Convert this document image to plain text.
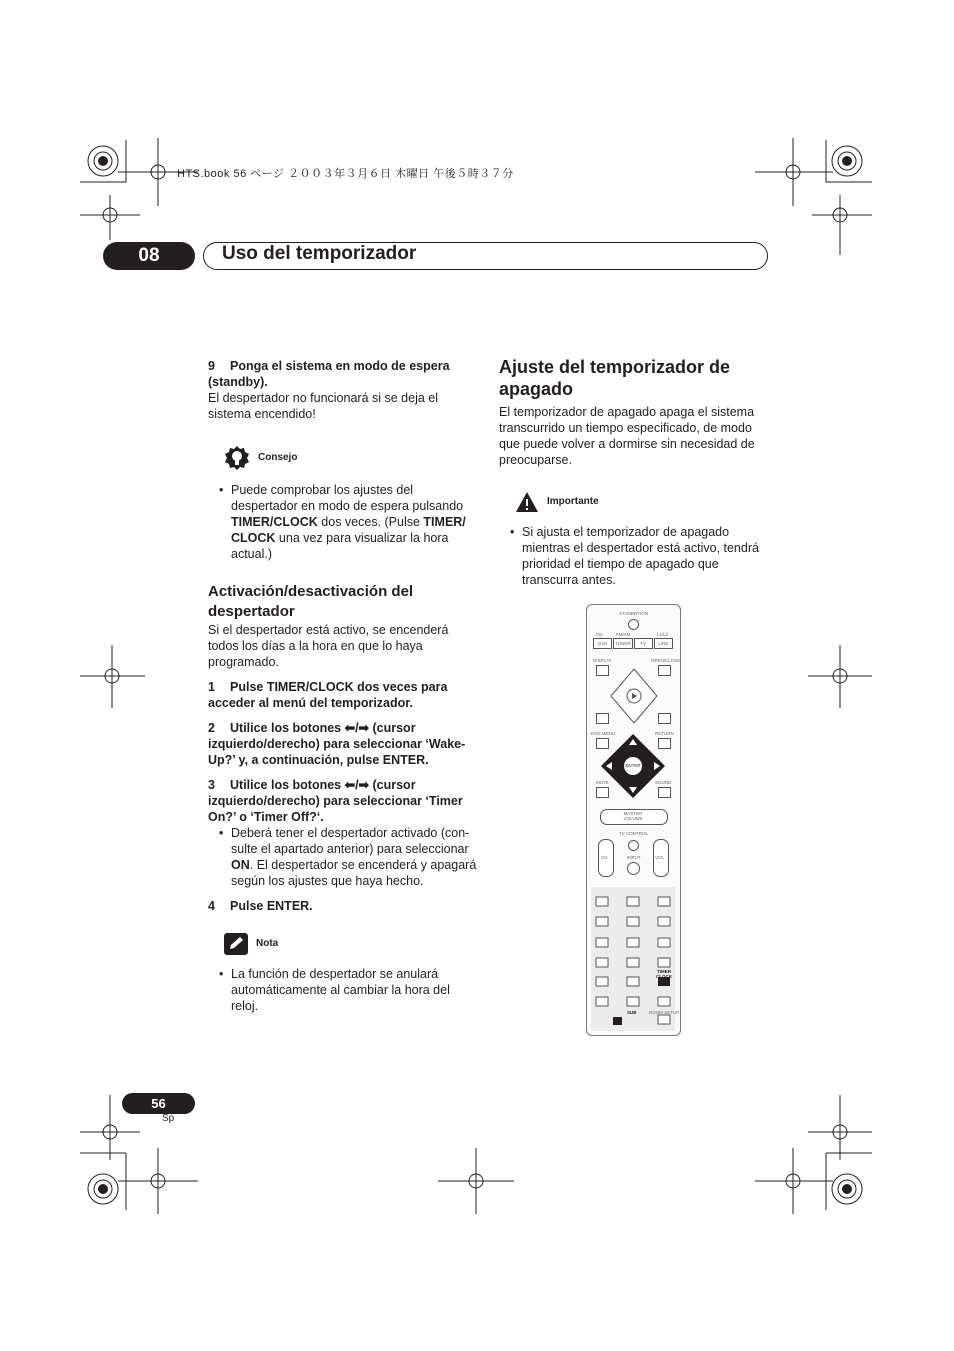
HTS.book 56 ページ ２００３年３月６日 木曜日 午後５時３７分
08	Uso del temporizador

9 Ponga el sistema en modo de espera (standby).

El despertador no funcionará si se deja el sistema encendido!

Consejo

• Puede comprobar los ajustes del despertador en modo de espera pulsando TIMER/CLOCK dos veces. (Pulse TIMER/ CLOCK una vez para visualizar la hora actual.)

Activación/desactivación del despertador

Si el despertador está activo, se encenderá todos los días a la hora en que lo haya programado.

1 Pulse TIMER/CLOCK dos veces para acceder al menú del temporizador.

2 Utilice los botones ⬅/➡ (cursor izquierdo/derecho) para seleccionar ‘Wake-Up?’ y, a continuación, pulse ENTER.

3 Utilice los botones ⬅/➡ (cursor izquierdo/derecho) para seleccionar ‘Timer On?’ o ‘Timer Off?‘.

• Deberá tener el despertador activado (con-sulte el apartado anterior) para seleccionar ON. El despertador se encenderá y apagará según los ajustes que haya hecho.

4 Pulse ENTER.

Nota

• La función de despertador se anulará automáticamente al cambiar la hora del reloj.

Ajuste del temporizador de apagado

El temporizador de apagado apaga el sistema transcurrido un tiempo especificado, de modo que puede volver a dormirse sin necesidad de preocuparse.

Importante

• Si ajusta el temporizador de apagado mientras el despertador está activo, tendrá prioridad el tiempo de apagado que transcurra antes.

STANDBY/ON
CD	FM/AM	L1/L2
DVD	TUNER	TV	LINE
DISPLAY	OPEN/CLOSE
DVD MENU	RETURN
ENTER
MUTE	SOUND
MASTER VOLUME
TV CONTROL
CH	VOL
INPUT
TIMER CLOCK
SUB	ROOM SETUP
56
Sp
